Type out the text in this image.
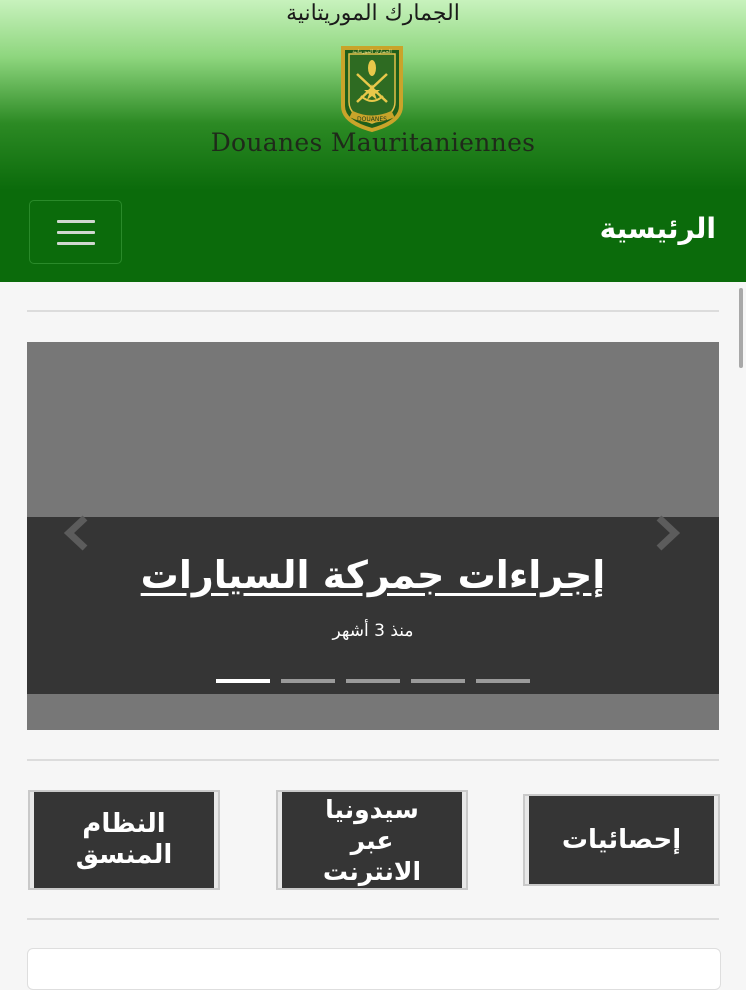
الجمارك الموريتانية
الجمارك الموريتانية
DOUANES
Douanes Mauritaniennes
الرئيسية
إجراءات جمركة السيارات
منذ 3 أشهر
إحصائيات
سيدونيا عبر الانترنت
النظام المنسق
